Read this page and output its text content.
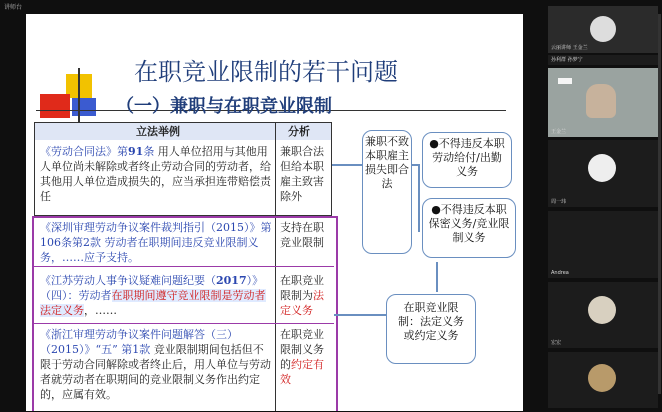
讲师台
在职竞业限制的若干问题
（一）兼职与在职竞业限制
立法举例	分析
《劳动合同法》第91条 用人单位招用与其他用人单位尚未解除或者终止劳动合同的劳动者，给其他用人单位造成损失的，应当承担连带赔偿责任
兼职合法但给本职雇主致害除外
《深圳审理劳动争议案件裁判指引（2015）》第106条第2款 劳动者在职期间违反竞业限制义务，……应予支持。
支持在职竞业限制
《江苏劳动人事争议疑难问题纪要（2017）》（四）：劳动者在职期间遵守竞业限制是劳动者法定义务，……
在职竞业限制为法定义务
《浙江审理劳动争议案件问题解答（三）（2015）》“五” 第1款 竞业限制期间包括但不限于劳动合同解除或者终止后，用人单位与劳动者就劳动者在职期间的竞业限制义务作出约定的，应属有效。
在职竞业限制义务的约定有效
兼职不致本职雇主损失即合法
●不得违反本职劳动给付/出勤义务
●不得违反本职保密义务/竞业限制义务
在职竞业限制：法定义务或约定义务
云丽讲师 王金兰
孙利群 孙梦宁
王金兰
周一玮
Andrea
宏宏
